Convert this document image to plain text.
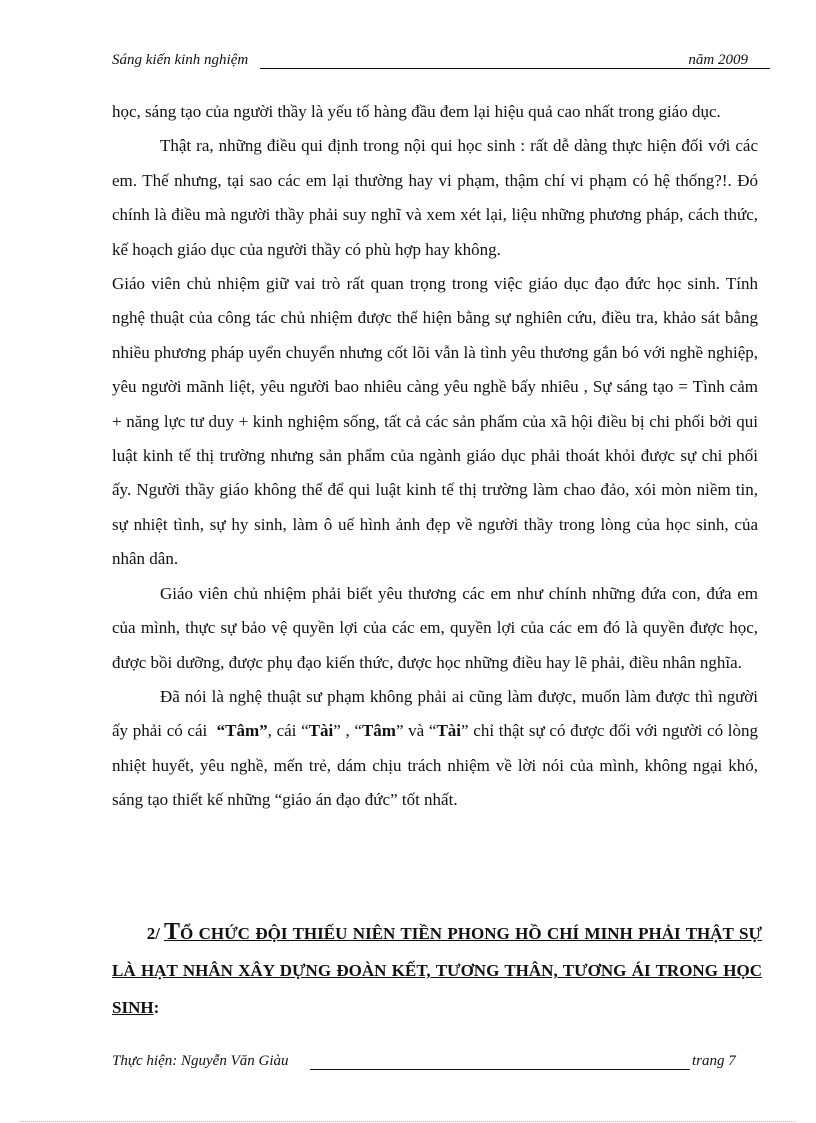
Sáng kiến kinh nghiệm	năm 2009

học, sáng tạo của người thầy là yếu tố hàng đầu đem lại hiệu quả cao nhất trong giáo dục.

Thật ra, những điều qui định trong nội qui học sinh : rất dễ dàng thực hiện đối với các em. Thế nhưng, tại sao các em lại thường hay vi phạm, thậm chí vi phạm có hệ thống?!. Đó chính là điều mà người thầy phải suy nghĩ và xem xét lại, liệu những phương pháp, cách thức, kế hoạch giáo dục của người thầy có phù hợp hay không.

Giáo viên chủ nhiệm giữ vai trò rất quan trọng trong việc giáo dục đạo đức học sinh. Tính nghệ thuật của công tác chủ nhiệm được thể hiện bằng sự nghiên cứu, điều tra, khảo sát bằng nhiều phương pháp uyển chuyển nhưng cốt lõi vẫn là tình yêu thương gắn bó với nghề nghiệp, yêu người mãnh liệt, yêu người bao nhiêu càng yêu nghề bấy nhiêu , Sự sáng tạo = Tình cảm + năng lực tư duy + kinh nghiệm sống, tất cả các sản phẩm của xã hội điều bị chi phối bởi qui luật kinh tế thị trường nhưng sản phẩm của ngành giáo dục phải thoát khỏi được sự chi phối ấy. Người thầy giáo không thể để qui luật kinh tế thị trường làm chao đảo, xói mòn niềm tin, sự nhiệt tình, sự hy sinh, làm ô uế hình ảnh đẹp về người thầy trong lòng của học sinh, của nhân dân.

Giáo viên chủ nhiệm phải biết yêu thương các em như chính những đứa con, đứa em của mình, thực sự bảo vệ quyền lợi của các em, quyền lợi của các em đó là quyền được học, được bồi dưỡng, được phụ đạo kiến thức, được học những điều hay lẽ phải, điều nhân nghĩa.

Đã nói là nghệ thuật sư phạm không phải ai cũng làm được, muốn làm được thì người ấy phải có cái “Tâm”, cái “Tài” , “Tâm” và “Tài” chỉ thật sự có được đối với người có lòng nhiệt huyết, yêu nghề, mến trẻ, dám chịu trách nhiệm về lời nói của mình, không ngại khó, sáng tạo thiết kế những “giáo án đạo đức” tốt nhất.

2/ TỔ CHỨC ĐỘI THIẾU NIÊN TIỀN PHONG HỒ CHÍ MINH PHẢI THẬT SỰ LÀ HẠT NHÂN XÂY DỰNG ĐOÀN KẾT, TƯƠNG THÂN, TƯƠNG ÁI TRONG HỌC SINH:
Thực hiện: Nguyễn Văn Giàu	trang 7
